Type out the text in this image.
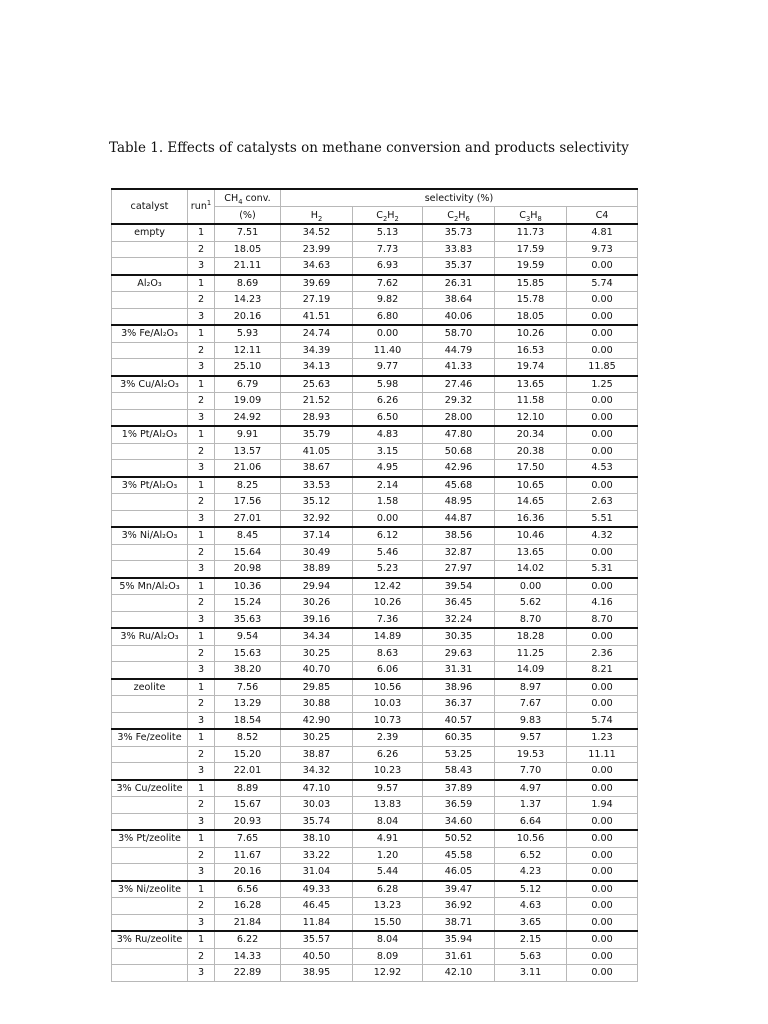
Table 1. Effects of catalysts on methane conversion and products selectivity
catalyst	run$^1$	$CH_4$ conv.	selectivity (%)				
		(%)	$H_2$	$C_2H_2$	$C_2H_6$	$C_3H_8$	C4
empty	1	7.51	34.52	5.13	35.73	11.73	4.81
	2	18.05	23.99	7.73	33.83	17.59	9.73
	3	21.11	34.63	6.93	35.37	19.59	0.00
Al₂O₃	1	8.69	39.69	7.62	26.31	15.85	5.74
	2	14.23	27.19	9.82	38.64	15.78	0.00
	3	20.16	41.51	6.80	40.06	18.05	0.00
3% Fe/Al₂O₃	1	5.93	24.74	0.00	58.70	10.26	0.00
	2	12.11	34.39	11.40	44.79	16.53	0.00
	3	25.10	34.13	9.77	41.33	19.74	11.85
3% Cu/Al₂O₃	1	6.79	25.63	5.98	27.46	13.65	1.25
	2	19.09	21.52	6.26	29.32	11.58	0.00
	3	24.92	28.93	6.50	28.00	12.10	0.00
1% Pt/Al₂O₃	1	9.91	35.79	4.83	47.80	20.34	0.00
	2	13.57	41.05	3.15	50.68	20.38	0.00
	3	21.06	38.67	4.95	42.96	17.50	4.53
3% Pt/Al₂O₃	1	8.25	33.53	2.14	45.68	10.65	0.00
	2	17.56	35.12	1.58	48.95	14.65	2.63
	3	27.01	32.92	0.00	44.87	16.36	5.51
3% Ni/Al₂O₃	1	8.45	37.14	6.12	38.56	10.46	4.32
	2	15.64	30.49	5.46	32.87	13.65	0.00
	3	20.98	38.89	5.23	27.97	14.02	5.31
5% Mn/Al₂O₃	1	10.36	29.94	12.42	39.54	0.00	0.00
	2	15.24	30.26	10.26	36.45	5.62	4.16
	3	35.63	39.16	7.36	32.24	8.70	8.70
3% Ru/Al₂O₃	1	9.54	34.34	14.89	30.35	18.28	0.00
	2	15.63	30.25	8.63	29.63	11.25	2.36
	3	38.20	40.70	6.06	31.31	14.09	8.21
zeolite	1	7.56	29.85	10.56	38.96	8.97	0.00
	2	13.29	30.88	10.03	36.37	7.67	0.00
	3	18.54	42.90	10.73	40.57	9.83	5.74
3% Fe/zeolite	1	8.52	30.25	2.39	60.35	9.57	1.23
	2	15.20	38.87	6.26	53.25	19.53	11.11
	3	22.01	34.32	10.23	58.43	7.70	0.00
3% Cu/zeolite	1	8.89	47.10	9.57	37.89	4.97	0.00
	2	15.67	30.03	13.83	36.59	1.37	1.94
	3	20.93	35.74	8.04	34.60	6.64	0.00
3% Pt/zeolite	1	7.65	38.10	4.91	50.52	10.56	0.00
	2	11.67	33.22	1.20	45.58	6.52	0.00
	3	20.16	31.04	5.44	46.05	4.23	0.00
3% Ni/zeolite	1	6.56	49.33	6.28	39.47	5.12	0.00
	2	16.28	46.45	13.23	36.92	4.63	0.00
	3	21.84	11.84	15.50	38.71	3.65	0.00
3% Ru/zeolite	1	6.22	35.57	8.04	35.94	2.15	0.00
	2	14.33	40.50	8.09	31.61	5.63	0.00
	3	22.89	38.95	12.92	42.10	3.11	0.00
